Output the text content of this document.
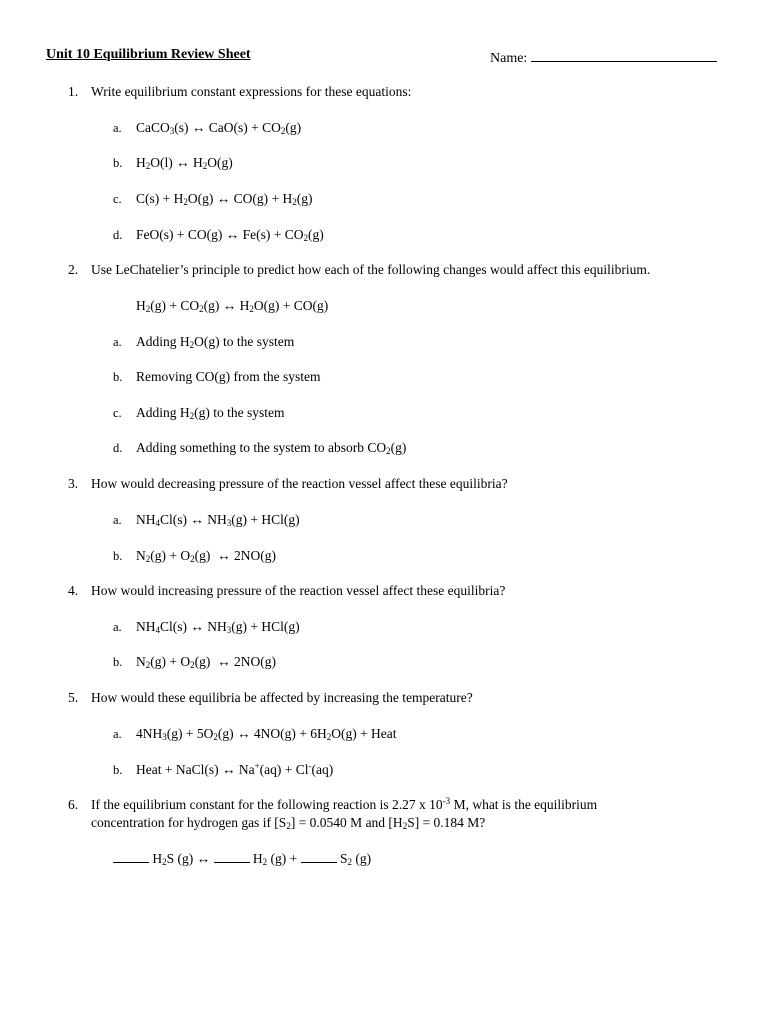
Unit 10 Equilibrium Review Sheet	Name:
1. Write equilibrium constant expressions for these equations:
a. CaCO$_3$(s) ↔ $CaO(s) + CO_2(g)$
b. $H_2O(l)$ ↔ $H_2O(g)$
c. $C(s) + H_2O(g)$ ↔ $CO(g) + H_2(g)$
d. FeO(s) + CO(g) ↔ $Fe(s) + CO_2(g)$
2. Use LeChatelier’s principle to predict how each of the following changes would affect this equilibrium.
$H_2(g) + CO_2(g)$ ↔ $H_2O(g) + CO(g)$
a. Adding $H_2O(g)$ to the system
b. Removing CO(g) from the system
c. Adding $H_2(g)$ to the system
d. Adding something to the system to absorb $CO_2(g)$
3. How would decreasing pressure of the reaction vessel affect these equilibria?
a. $NH_4Cl(s)$ ↔ $NH_3(g) + HCl(g)$
b. $N_2(g) + O_2(g)$  ↔ 2NO(g)
4. How would increasing pressure of the reaction vessel affect these equilibria?
a. $NH_4Cl(s)$ ↔ $NH_3(g) + HCl(g)$
b. $N_2(g) + O_2(g)$  ↔ 2NO(g)
5. How would these equilibria be affected by increasing the temperature?
a. $4NH_3(g) + 5O_2(g)$ ↔ $4NO(g) + 6H_2O(g)$ + Heat
b. Heat + NaCl(s) ↔ Na+(aq) + Cl-(aq)
6. If the equilibrium constant for the following reaction is 2.27 x $10^{-3}$ M, what is the equilibrium
concentration for hydrogen gas if $[S_2] = 0.0540$ M and $[H_2S] = 0.184$ M?
$H_2S$ (g) ↔	$H_2$ (g) +	$S_2$ (g)
